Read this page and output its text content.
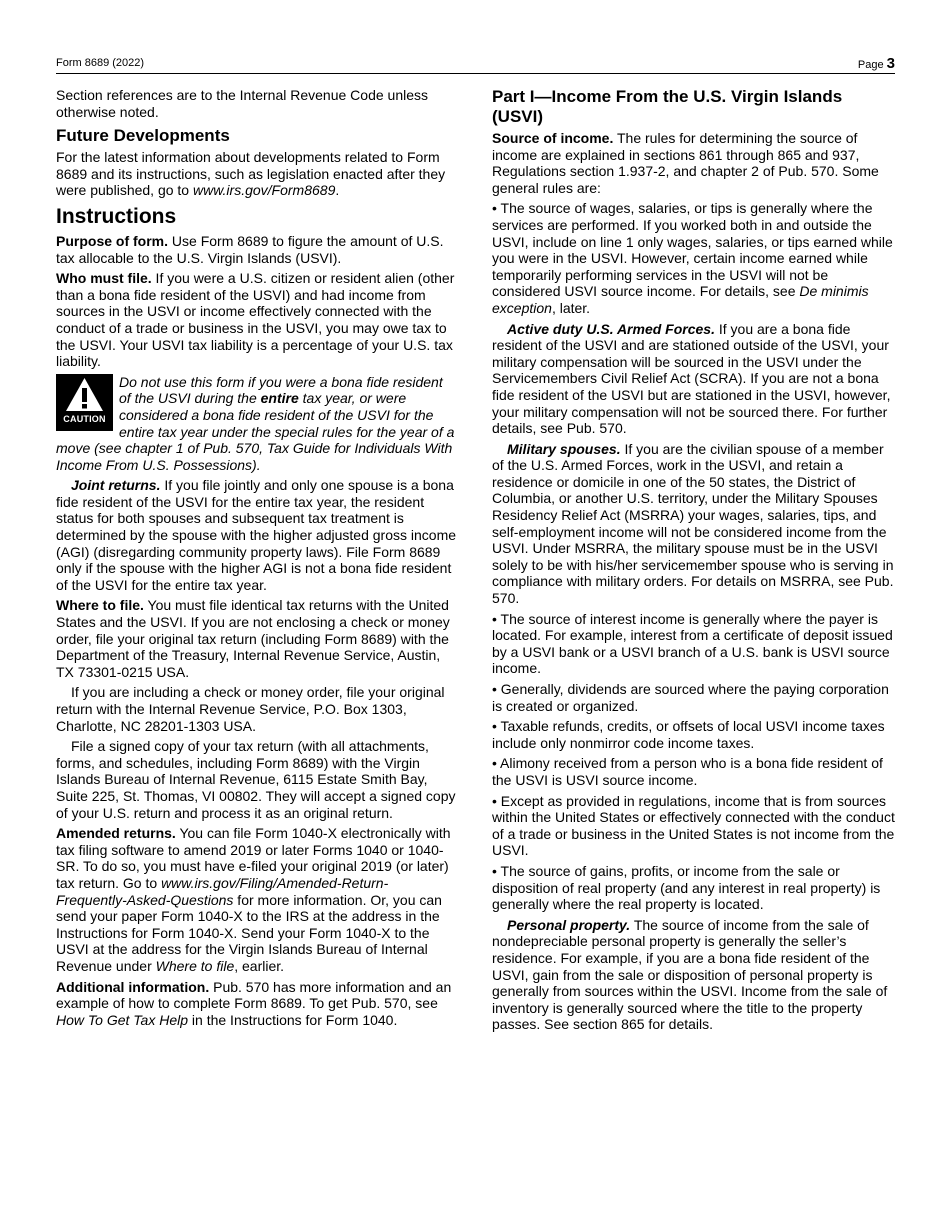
Form 8689 (2022)	Page 3

Section references are to the Internal Revenue Code unless otherwise noted.

Future Developments

For the latest information about developments related to Form 8689 and its instructions, such as legislation enacted after they were published, go to www.irs.gov/Form8689.

Instructions

Purpose of form. Use Form 8689 to figure the amount of U.S. tax allocable to the U.S. Virgin Islands (USVI).

Who must file. If you were a U.S. citizen or resident alien (other than a bona fide resident of the USVI) and had income from sources in the USVI or income effectively connected with the conduct of a trade or business in the USVI, you may owe tax to the USVI. Your USVI tax liability is a percentage of your U.S. tax liability.

CAUTION
Do not use this form if you were a bona fide resident of the USVI during the entire tax year, or were considered a bona fide resident of the USVI for the entire tax year under the special rules for the year of a move (see chapter 1 of Pub. 570, Tax Guide for Individuals With Income From U.S. Possessions).

Joint returns. If you file jointly and only one spouse is a bona fide resident of the USVI for the entire tax year, the resident status for both spouses and subsequent tax treatment is determined by the spouse with the higher adjusted gross income (AGI) (disregarding community property laws). File Form 8689 only if the spouse with the higher AGI is not a bona fide resident of the USVI for the entire tax year.

Where to file. You must file identical tax returns with the United States and the USVI. If you are not enclosing a check or money order, file your original tax return (including Form 8689) with the Department of the Treasury, Internal Revenue Service, Austin, TX 73301-0215 USA.

If you are including a check or money order, file your original return with the Internal Revenue Service, P.O. Box 1303, Charlotte, NC 28201-1303 USA.

File a signed copy of your tax return (with all attachments, forms, and schedules, including Form 8689) with the Virgin Islands Bureau of Internal Revenue, 6115 Estate Smith Bay, Suite 225, St. Thomas, VI 00802. They will accept a signed copy of your U.S. return and process it as an original return.

Amended returns. You can file Form 1040-X electronically with tax filing software to amend 2019 or later Forms 1040 or 1040-SR. To do so, you must have e-filed your original 2019 (or later) tax return. Go to www.irs.gov/Filing/Amended-Return-Frequently-Asked-Questions for more information. Or, you can send your paper Form 1040-X to the IRS at the address in the Instructions for Form 1040-X. Send your Form 1040-X to the USVI at the address for the Virgin Islands Bureau of Internal Revenue under Where to file, earlier.

Additional information. Pub. 570 has more information and an example of how to complete Form 8689. To get Pub. 570, see How To Get Tax Help in the Instructions for Form 1040.

Part I—Income From the U.S. Virgin Islands (USVI)

Source of income. The rules for determining the source of income are explained in sections 861 through 865 and 937, Regulations section 1.937-2, and chapter 2 of Pub. 570. Some general rules are:

• The source of wages, salaries, or tips is generally where the services are performed. If you worked both in and outside the USVI, include on line 1 only wages, salaries, or tips earned while you were in the USVI. However, certain income earned while temporarily performing services in the USVI will not be considered USVI source income. For details, see De minimis exception, later.

Active duty U.S. Armed Forces. If you are a bona fide resident of the USVI and are stationed outside of the USVI, your military compensation will be sourced in the USVI under the Servicemembers Civil Relief Act (SCRA). If you are not a bona fide resident of the USVI but are stationed in the USVI, however, your military compensation will not be sourced there. For further details, see Pub. 570.

Military spouses. If you are the civilian spouse of a member of the U.S. Armed Forces, work in the USVI, and retain a residence or domicile in one of the 50 states, the District of Columbia, or another U.S. territory, under the Military Spouses Residency Relief Act (MSRRA) your wages, salaries, tips, and self-employment income will not be considered income from the USVI. Under MSRRA, the military spouse must be in the USVI solely to be with his/her servicemember spouse who is serving in compliance with military orders. For details on MSRRA, see Pub. 570.

• The source of interest income is generally where the payer is located. For example, interest from a certificate of deposit issued by a USVI bank or a USVI branch of a U.S. bank is USVI source income.

• Generally, dividends are sourced where the paying corporation is created or organized.

• Taxable refunds, credits, or offsets of local USVI income taxes include only nonmirror code income taxes.

• Alimony received from a person who is a bona fide resident of the USVI is USVI source income.

• Except as provided in regulations, income that is from sources within the United States or effectively connected with the conduct of a trade or business in the United States is not income from the USVI.

• The source of gains, profits, or income from the sale or disposition of real property (and any interest in real property) is generally where the real property is located.

Personal property. The source of income from the sale of nondepreciable personal property is generally the seller’s residence. For example, if you are a bona fide resident of the USVI, gain from the sale or disposition of personal property is generally from sources within the USVI. Income from the sale of inventory is generally sourced where the title to the property passes. See section 865 for details.
